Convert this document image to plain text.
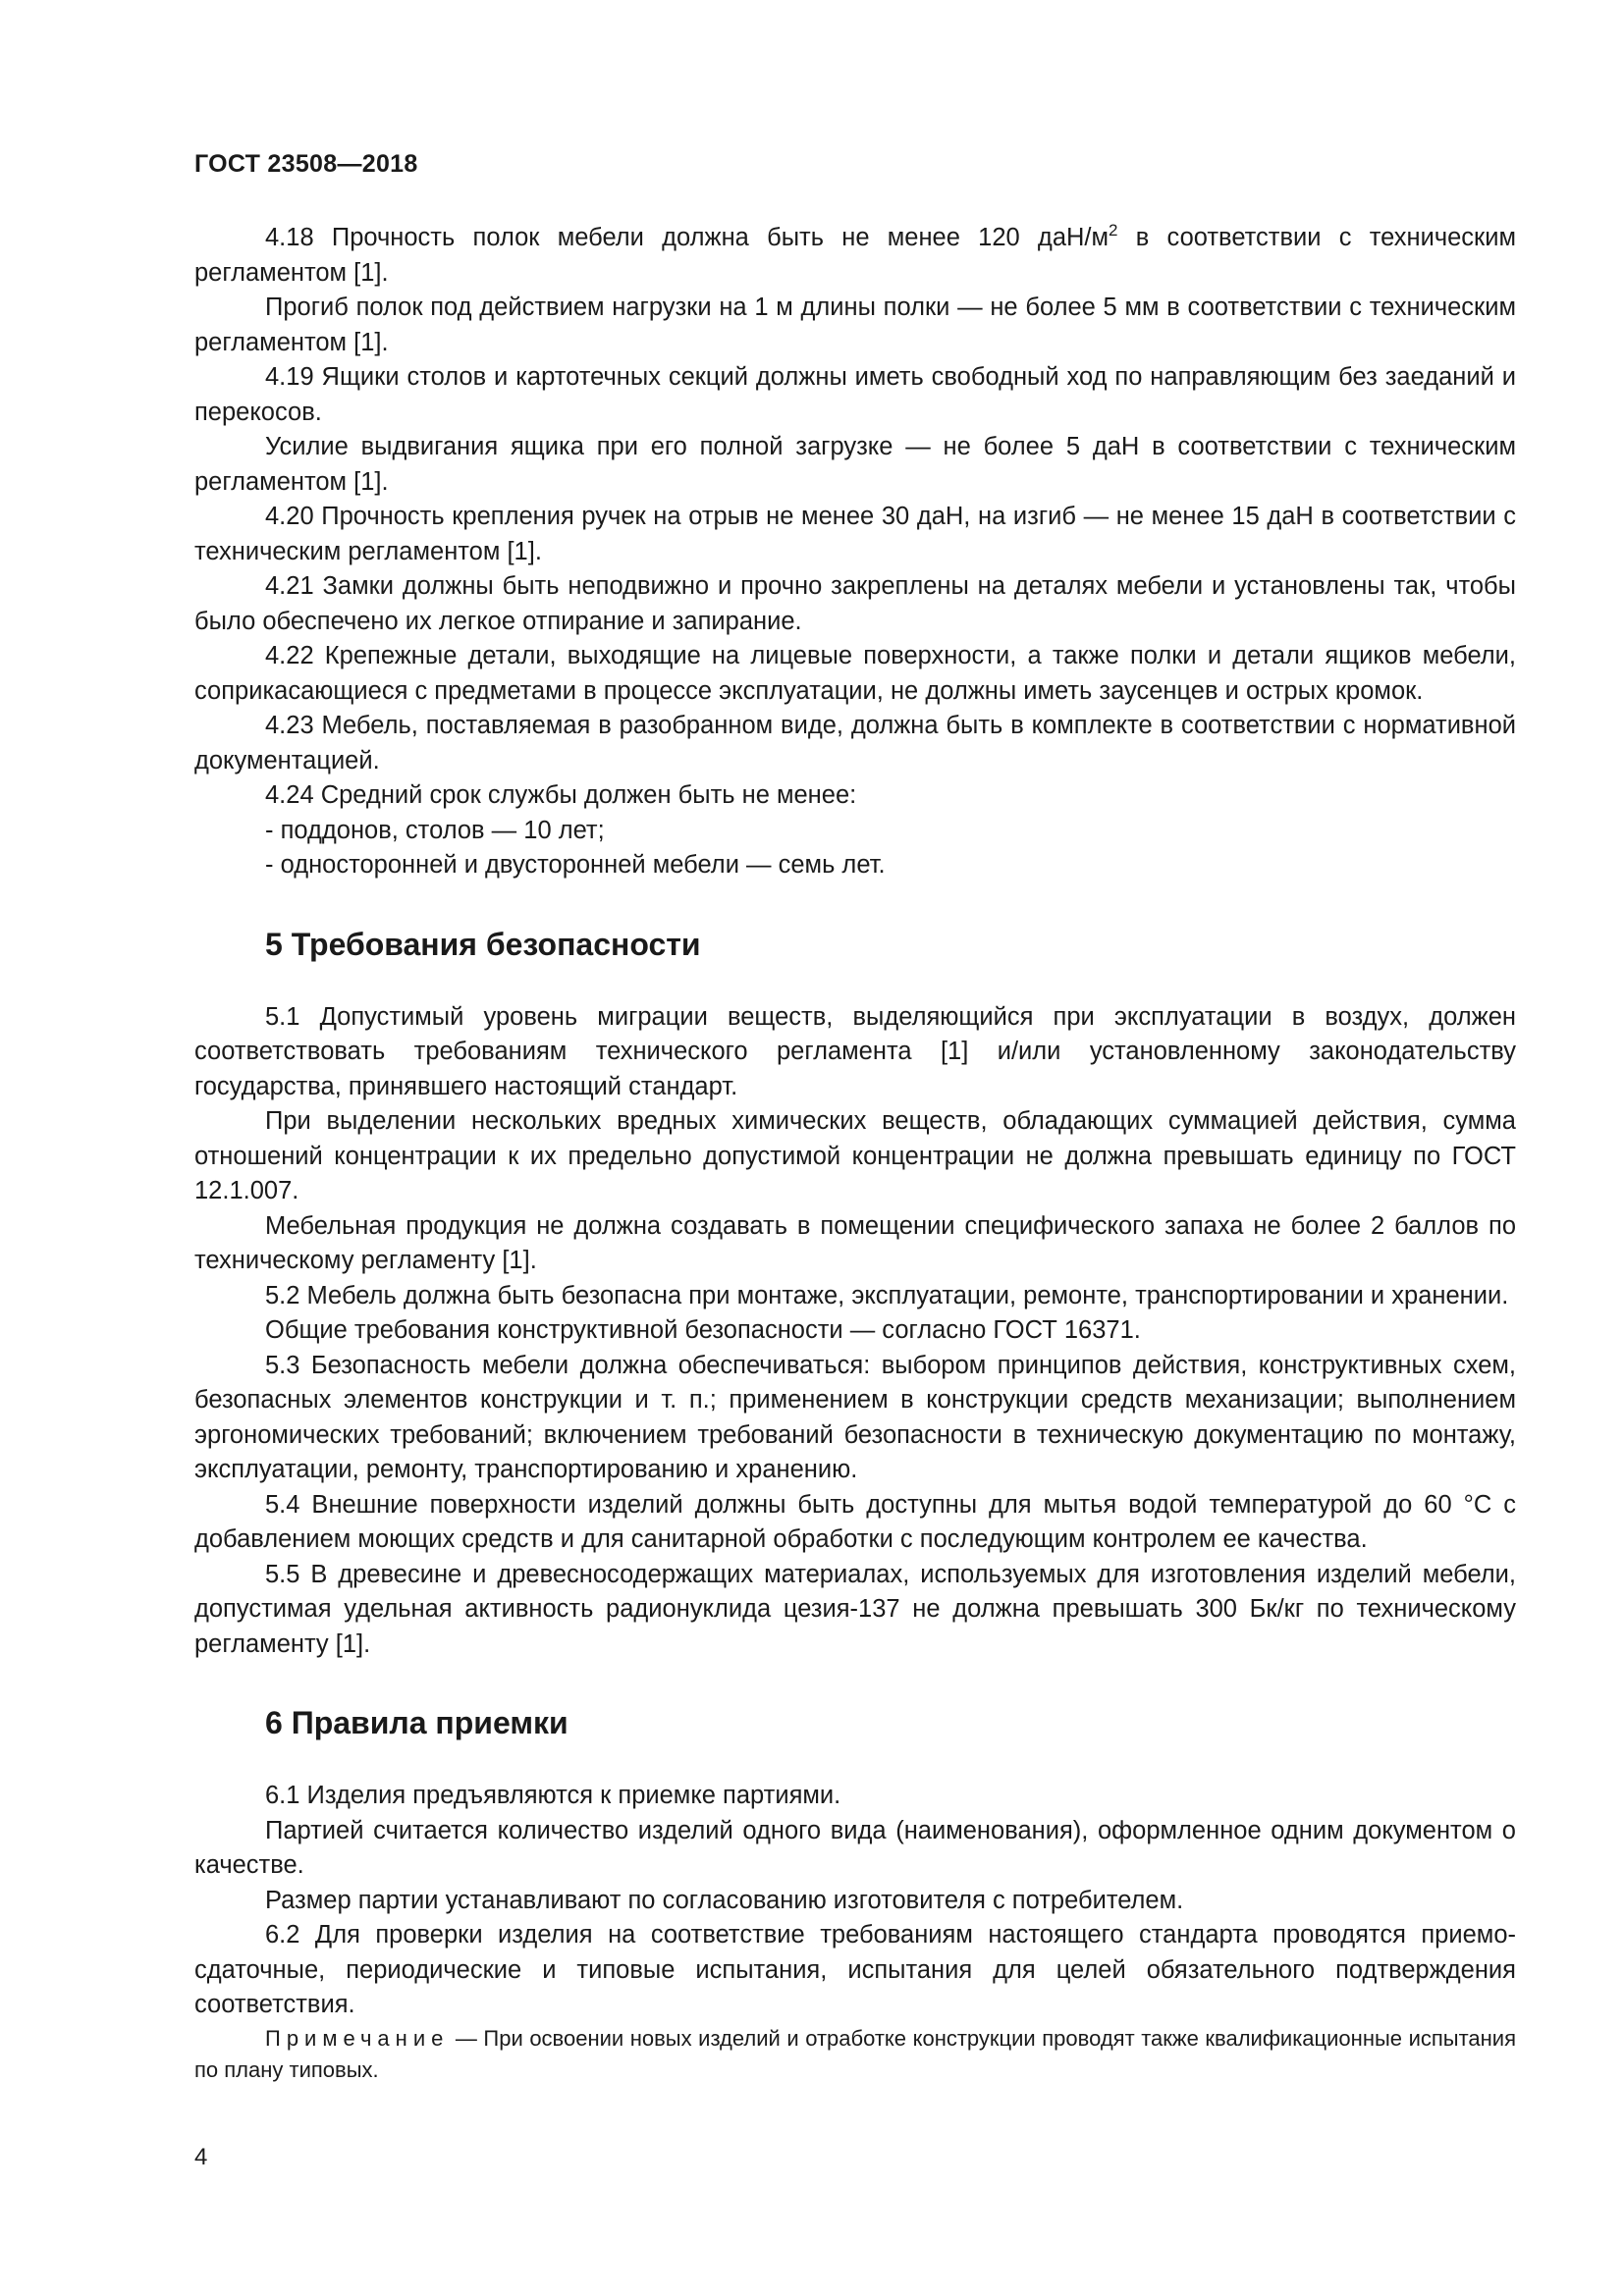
ГОСТ 23508—2018

4.18 Прочность полок мебели должна быть не менее 120 даН/$м^2$ в соответствии с техническим регламентом [1].

Прогиб полок под действием нагрузки на 1 м длины полки — не более 5 мм в соответствии с техническим регламентом [1].

4.19 Ящики столов и картотечных секций должны иметь свободный ход по направляющим без заеданий и перекосов.

Усилие выдвигания ящика при его полной загрузке — не более 5 даН в соответствии с техническим регламентом [1].

4.20 Прочность крепления ручек на отрыв не менее 30 даН, на изгиб — не менее 15 даН в соответствии с техническим регламентом [1].

4.21 Замки должны быть неподвижно и прочно закреплены на деталях мебели и установлены так, чтобы было обеспечено их легкое отпирание и запирание.

4.22 Крепежные детали, выходящие на лицевые поверхности, а также полки и детали ящиков мебели, соприкасающиеся с предметами в процессе эксплуатации, не должны иметь заусенцев и острых кромок.

4.23 Мебель, поставляемая в разобранном виде, должна быть в комплекте в соответствии с нормативной документацией.

4.24 Средний срок службы должен быть не менее:

- поддонов, столов — 10 лет;

- односторонней и двусторонней мебели — семь лет.

5 Требования безопасности

5.1 Допустимый уровень миграции веществ, выделяющийся при эксплуатации в воздух, должен соответствовать требованиям технического регламента [1] и/или установленному законодательству государства, принявшего настоящий стандарт.

При выделении нескольких вредных химических веществ, обладающих суммацией действия, сумма отношений концентрации к их предельно допустимой концентрации не должна превышать единицу по ГОСТ 12.1.007.

Мебельная продукция не должна создавать в помещении специфического запаха не более 2 баллов по техническому регламенту [1].

5.2 Мебель должна быть безопасна при монтаже, эксплуатации, ремонте, транспортировании и хранении.

Общие требования конструктивной безопасности — согласно ГОСТ 16371.

5.3 Безопасность мебели должна обеспечиваться: выбором принципов действия, конструктивных схем, безопасных элементов конструкции и т. п.; применением в конструкции средств механизации; выполнением эргономических требований; включением требований безопасности в техническую документацию по монтажу, эксплуатации, ремонту, транспортированию и хранению.

5.4 Внешние поверхности изделий должны быть доступны для мытья водой температурой до 60 °С с добавлением моющих средств и для санитарной обработки с последующим контролем ее качества.

5.5 В древесине и древесносодержащих материалах, используемых для изготовления изделий мебели, допустимая удельная активность радионуклида цезия-137 не должна превышать 300 Бк/кг по техническому регламенту [1].

6 Правила приемки

6.1 Изделия предъявляются к приемке партиями.

Партией считается количество изделий одного вида (наименования), оформленное одним документом о качестве.

Размер партии устанавливают по согласованию изготовителя с потребителем.

6.2 Для проверки изделия на соответствие требованиям настоящего стандарта проводятся приемо-сдаточные, периодические и типовые испытания, испытания для целей обязательного подтверждения соответствия.

Примечание — При освоении новых изделий и отработке конструкции проводят также квалификационные испытания по плану типовых.

4
